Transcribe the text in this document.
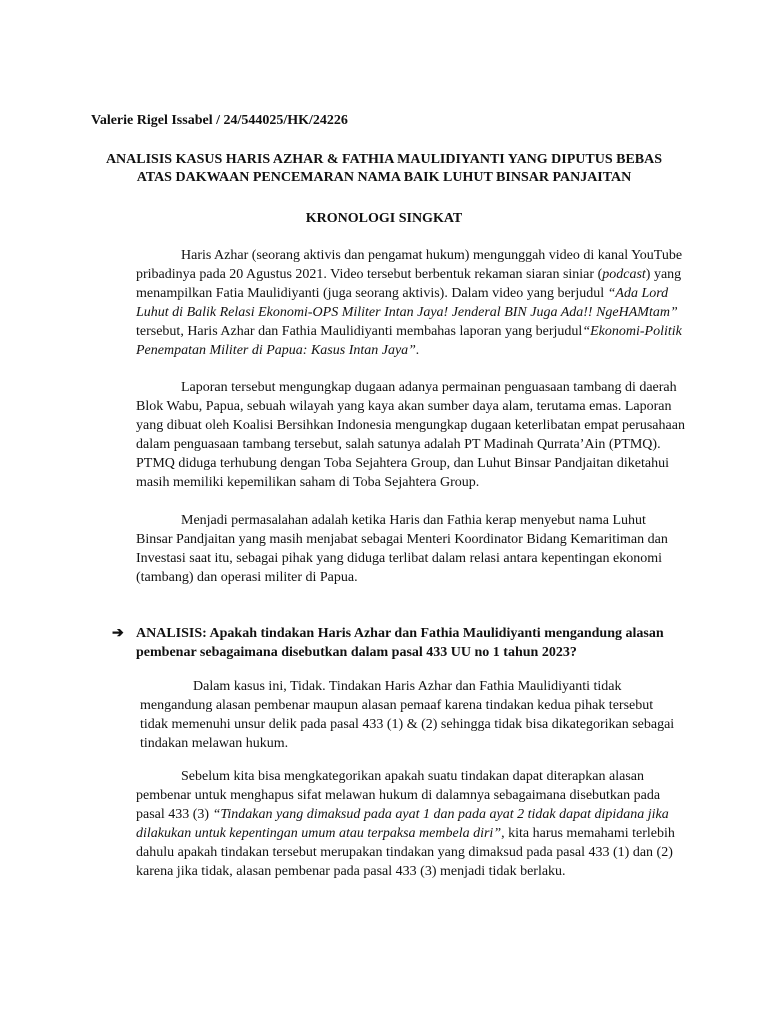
Valerie Rigel Issabel / 24/544025/HK/24226
ANALISIS KASUS HARIS AZHAR & FATHIA MAULIDIYANTI YANG DIPUTUS BEBAS
ATAS DAKWAAN PENCEMARAN NAMA BAIK LUHUT BINSAR PANJAITAN
KRONOLOGI SINGKAT
Haris Azhar (seorang aktivis dan pengamat hukum) mengunggah video di kanal YouTube
pribadinya pada 20 Agustus 2021. Video tersebut berbentuk rekaman siaran siniar (podcast) yang
menampilkan Fatia Maulidiyanti (juga seorang aktivis). Dalam video yang berjudul “Ada Lord
Luhut di Balik Relasi Ekonomi-OPS Militer Intan Jaya! Jenderal BIN Juga Ada!! NgeHAMtam”
tersebut, Haris Azhar dan Fathia Maulidiyanti membahas laporan yang berjudul“Ekonomi-Politik
Penempatan Militer di Papua: Kasus Intan Jaya”.
Laporan tersebut mengungkap dugaan adanya permainan penguasaan tambang di daerah
Blok Wabu, Papua, sebuah wilayah yang kaya akan sumber daya alam, terutama emas. Laporan
yang dibuat oleh Koalisi Bersihkan Indonesia mengungkap dugaan keterlibatan empat perusahaan
dalam penguasaan tambang tersebut, salah satunya adalah PT Madinah Qurrata’Ain (PTMQ).
PTMQ diduga terhubung dengan Toba Sejahtera Group, dan Luhut Binsar Pandjaitan diketahui
masih memiliki kepemilikan saham di Toba Sejahtera Group.
Menjadi permasalahan adalah ketika Haris dan Fathia kerap menyebut nama Luhut
Binsar Pandjaitan yang masih menjabat sebagai Menteri Koordinator Bidang Kemaritiman dan
Investasi saat itu, sebagai pihak yang diduga terlibat dalam relasi antara kepentingan ekonomi
(tambang) dan operasi militer di Papua.
➔ ANALISIS: Apakah tindakan Haris Azhar dan Fathia Maulidiyanti mengandung alasan
pembenar sebagaimana disebutkan dalam pasal 433 UU no 1 tahun 2023?
Dalam kasus ini, Tidak. Tindakan Haris Azhar dan Fathia Maulidiyanti tidak
mengandung alasan pembenar maupun alasan pemaaf karena tindakan kedua pihak tersebut
tidak memenuhi unsur delik pada pasal 433 (1) & (2) sehingga tidak bisa dikategorikan sebagai
tindakan melawan hukum.
Sebelum kita bisa mengkategorikan apakah suatu tindakan dapat diterapkan alasan
pembenar untuk menghapus sifat melawan hukum di dalamnya sebagaimana disebutkan pada
pasal 433 (3) “Tindakan yang dimaksud pada ayat 1 dan pada ayat 2 tidak dapat dipidana jika
dilakukan untuk kepentingan umum atau terpaksa membela diri”, kita harus memahami terlebih
dahulu apakah tindakan tersebut merupakan tindakan yang dimaksud pada pasal 433 (1) dan (2)
karena jika tidak, alasan pembenar pada pasal 433 (3) menjadi tidak berlaku.
